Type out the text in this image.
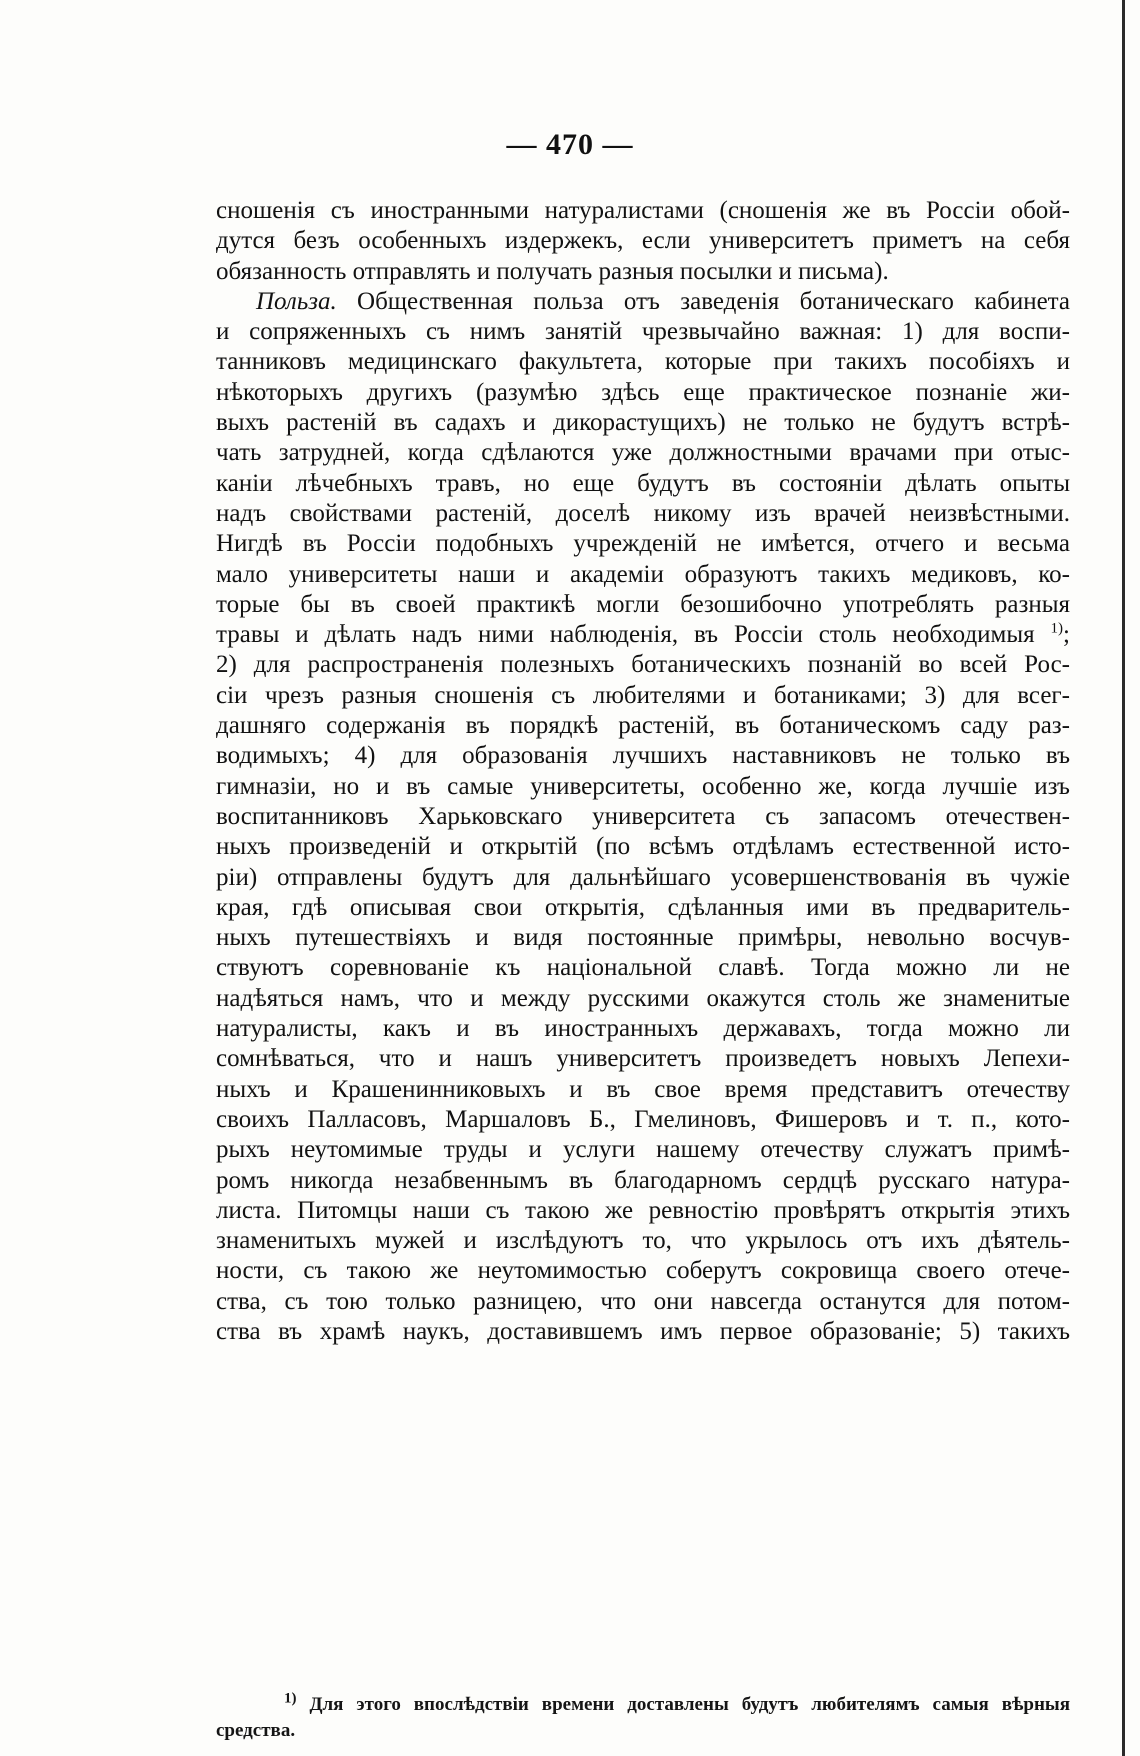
— 470 —
сношенія съ иностранными натуралистами (сношенія же въ Россіи обой-
дутся безъ особенныхъ издержекъ, если университетъ приметъ на себя
обязанность отправлять и получать разныя посылки и письма).
Польза. Общественная польза отъ заведенія ботаническаго кабинета
и сопряженныхъ съ нимъ занятій чрезвычайно важная: 1) для воспи-
танниковъ медицинскаго факультета, которые при такихъ пособіяхъ и
нѣкоторыхъ другихъ (разумѣю здѣсь еще практическое познаніе жи-
выхъ растеній въ садахъ и дикорастущихъ) не только не будутъ встрѣ-
чать затрудней, когда сдѣлаются уже должностными врачами при отыс-
каніи лѣчебныхъ травъ, но еще будутъ въ состояніи дѣлать опыты
надъ свойствами растеній, доселѣ никому изъ врачей неизвѣстными.
Нигдѣ въ Россіи подобныхъ учрежденій не имѣется, отчего и весьма
мало университеты наши и академіи образуютъ такихъ медиковъ, ко-
торые бы въ своей практикѣ могли безошибочно употреблять разныя
травы и дѣлать надъ ними наблюденія, въ Россіи столь необходимыя $^{1)}$;
2) для распространенія полезныхъ ботаническихъ познаній во всей Рос-
сіи чрезъ разныя сношенія съ любителями и ботаниками; 3) для всег-
дашняго содержанія въ порядкѣ растеній, въ ботаническомъ саду раз-
водимыхъ; 4) для образованія лучшихъ наставниковъ не только въ
гимназіи, но и въ самые университеты, особенно же, когда лучшіе изъ
воспитанниковъ Харьковскаго университета съ запасомъ отечествен-
ныхъ произведеній и открытій (по всѣмъ отдѣламъ естественной исто-
ріи) отправлены будутъ для дальнѣйшаго усовершенствованія въ чужіе
края, гдѣ описывая свои открытія, сдѣланныя ими въ предваритель-
ныхъ путешествіяхъ и видя постоянные примѣры, невольно восчув-
ствуютъ соревнованіе къ національной славѣ. Тогда можно ли не
надѣяться намъ, что и между русскими окажутся столь же знаменитые
натуралисты, какъ и въ иностранныхъ державахъ, тогда можно ли
сомнѣваться, что и нашъ университетъ произведетъ новыхъ Лепехи-
ныхъ и Крашенинниковыхъ и въ свое время представитъ отечеству
своихъ Палласовъ, Маршаловъ Б., Гмелиновъ, Фишеровъ и т. п., кото-
рыхъ неутомимые труды и услуги нашему отечеству служатъ примѣ-
ромъ никогда незабвеннымъ въ благодарномъ сердцѣ русскаго натура-
листа. Питомцы наши съ такою же ревностію провѣрятъ открытія этихъ
знаменитыхъ мужей и изслѣдуютъ то, что укрылось отъ ихъ дѣятель-
ности, съ такою же неутомимостью соберутъ сокровища своего отече-
ства, съ тою только разницею, что они навсегда останутся для потом-
ства въ храмѣ наукъ, доставившемъ имъ первое образованіе; 5) такихъ
$^{1)}$ Для этого впослѣдствіи времени доставлены будутъ любителямъ самыя вѣрныя
средства.
